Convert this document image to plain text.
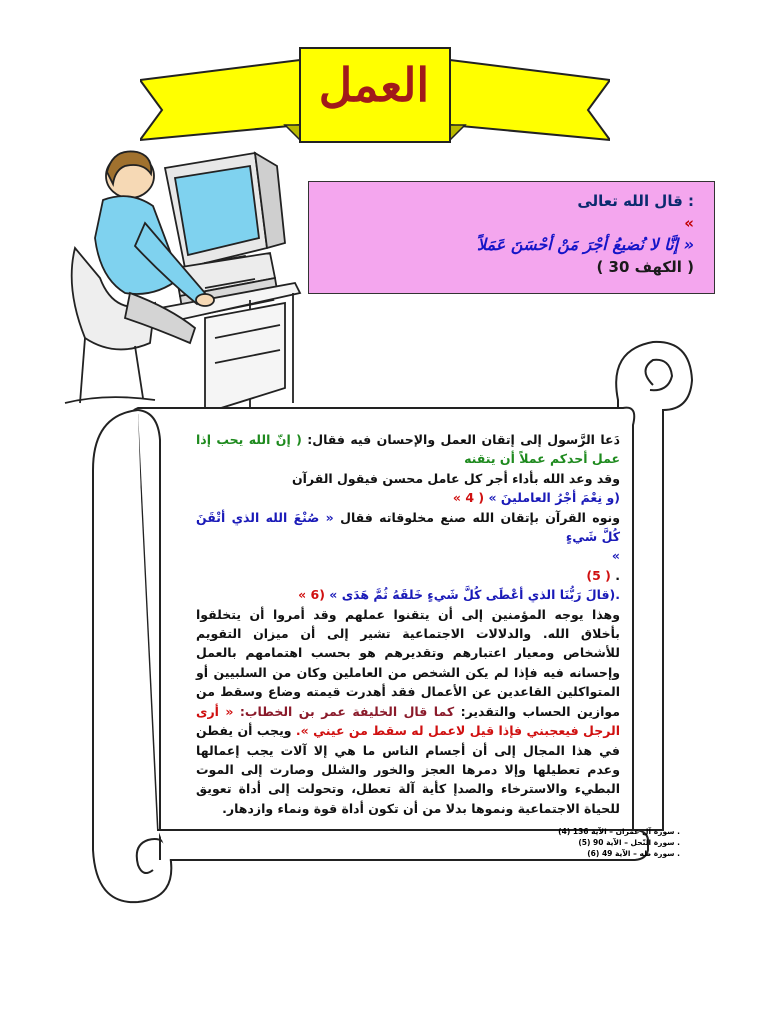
العمل
: قال الله تعالى
»
« إنَّا لا نُضيعُ أجْرَ مَنْ أحْسَنَ عَمَلاً
( الكهف 30 )

دَعا الرَّسول إلى إتقان العمل والإحسان فيه فقال: ( إنّ الله يحب إذا عمل أحدكم عملاً أن يتقنه

وقد وعد الله بأداء أجر كل عامل محسن فيقول القرآن

(و نِعْمَ أجْرُ العاملينَ » ( 4 »

ونوه القرآن بإتقان الله صنع مخلوقاته فقال « صُنْعَ الله الذي أتْقَنَ كُلَّ شَيءٍ

»

. ( 5)

.(قالَ رَبُّنَا الذي أعْطَى كُلَّ شَيءٍ خَلقَهُ ثُمَّ هَدَى » (6 »

وهذا يوجه المؤمنين إلى أن يتقنوا عملهم وقد أمروا أن يتخلقوا بأخلاق الله. والدلالات الاجتماعية تشير إلى أن ميزان التقويم للأشخاص ومعيار اعتبارهم وتقديرهم هو بحسب اهتمامهم بالعمل وإحسانه فيه فإذا لم يكن الشخص من العاملين وكان من السلبيين أو المتواكلين القاعدين عن الأعمال فقد أهدرت قيمته وضاع وسقط من موازين الحساب والتقدير: كما قال الخليفة عمر بن الخطاب: « أرى الرجل فيعجبني فإذا قيل لاعمل له سقط من عيني ». ويجب أن يفطن في هذا المجال إلى أن أجسام الناس ما هي إلا آلات يجب إعمالها وعدم تعطيلها وإلا دمرها العجز والخور والشلل وصارت إلى الموت البطيء والاسترخاء والصدإ كأية آلة تعطل، وتحولت إلى أداة تعويق للحياة الاجتماعية ونموها بدلا من أن تكون أداة قوة ونماء وازدهار.

. سورة آل عمران – الآية 136 (4)
. سورة النّحل – الآية 90 (5)
. سورة طه – الآية 49 (6)
